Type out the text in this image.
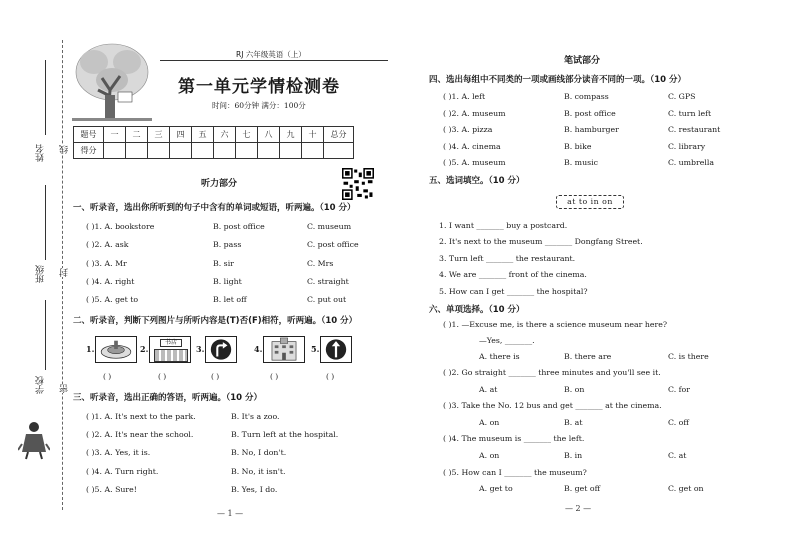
姓名
班级
学校
线
封
密
RJ 六年级英语（上）
第一单元学情检测卷
时间：60分钟 满分：100分
题号	一	二	三	四	五	六	七	八	九	十	总分
得分											
听力部分
一、听录音，选出你所听到的句子中含有的单词或短语，听两遍。（10 分）
( )1. A. bookstore	B. post office	C. museum
( )2. A. ask	B. pass	C. post office
( )3. A. Mr	B. sir	C. Mrs
( )4. A. right	B. light	C. straight
( )5. A. get to	B. let off	C. put out
二、听录音，判断下列图片与所听内容是(T)否(F)相符，听两遍。（10 分）
1.	2.
书店
3.	4.	5.
( )	( )	( )	( )	( )
三、听录音，选出正确的答语，听两遍。（10 分）
( )1. A. It's next to the park.	B. It's a zoo.
( )2. A. It's near the school.	B. Turn left at the hospital.
( )3. A. Yes, it is.	B. No, I don't.
( )4. A. Turn right.	B. No, it isn't.
( )5. A. Sure!	B. Yes, I do.
— 1 —
笔试部分
四、选出每组中不同类的一项或画线部分读音不同的一项。（10 分）
( )1. A. left	B. compass	C. GPS
( )2. A. museum	B. post office	C. turn left
( )3. A. pizza	B. hamburger	C. restaurant
( )4. A. cinema	B. bike	C. library
( )5. A. museum	B. music	C. umbrella
五、选词填空。（10 分）
1. I want _______ buy a postcard.
2. It's next to the museum _______ Dongfang Street.
3. Turn left _______ the restaurant.
4. We are _______ front of the cinema.
5. How can I get _______ the hospital?
六、单项选择。（10 分）
( )1. —Excuse me, is there a science museum near here?
—Yes, _______.
A. there is	B. there are	C. is there
( )2. Go straight _______ three minutes and you'll see it.
A. at	B. on	C. for
( )3. Take the No. 12 bus and get _______ at the cinema.
A. on	B. at	C. off
( )4. The museum is _______ the left.
A. on	B. in	C. at
( )5. How can I _______ the museum?
A. get to	B. get off	C. get on
— 2 —
at to in on
